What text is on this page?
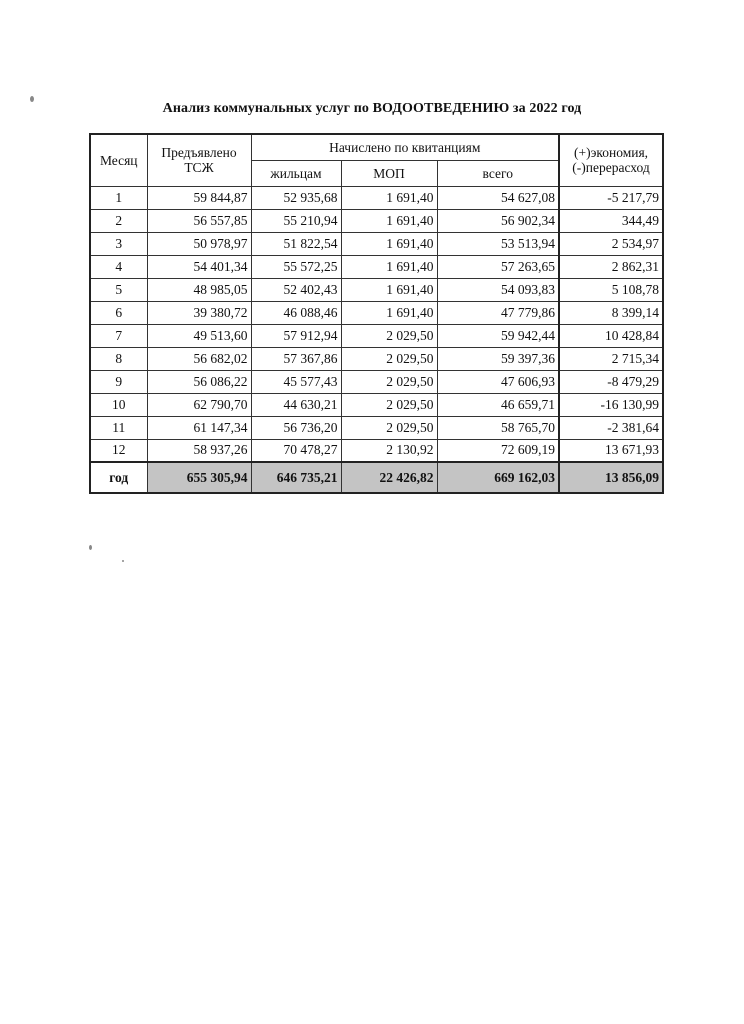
Анализ коммунальных услуг по ВОДООТВЕДЕНИЮ за 2022 год
Месяц	Предъявлено ТСЖ	Начислено по квитанциям			(+)экономия, (-)перерасход
		жильцам	МОП	всего	
1	59 844,87	52 935,68	1 691,40	54 627,08	-5 217,79
2	56 557,85	55 210,94	1 691,40	56 902,34	344,49
3	50 978,97	51 822,54	1 691,40	53 513,94	2 534,97
4	54 401,34	55 572,25	1 691,40	57 263,65	2 862,31
5	48 985,05	52 402,43	1 691,40	54 093,83	5 108,78
6	39 380,72	46 088,46	1 691,40	47 779,86	8 399,14
7	49 513,60	57 912,94	2 029,50	59 942,44	10 428,84
8	56 682,02	57 367,86	2 029,50	59 397,36	2 715,34
9	56 086,22	45 577,43	2 029,50	47 606,93	-8 479,29
10	62 790,70	44 630,21	2 029,50	46 659,71	-16 130,99
11	61 147,34	56 736,20	2 029,50	58 765,70	-2 381,64
12	58 937,26	70 478,27	2 130,92	72 609,19	13 671,93
год	655 305,94	646 735,21	22 426,82	669 162,03	13 856,09
